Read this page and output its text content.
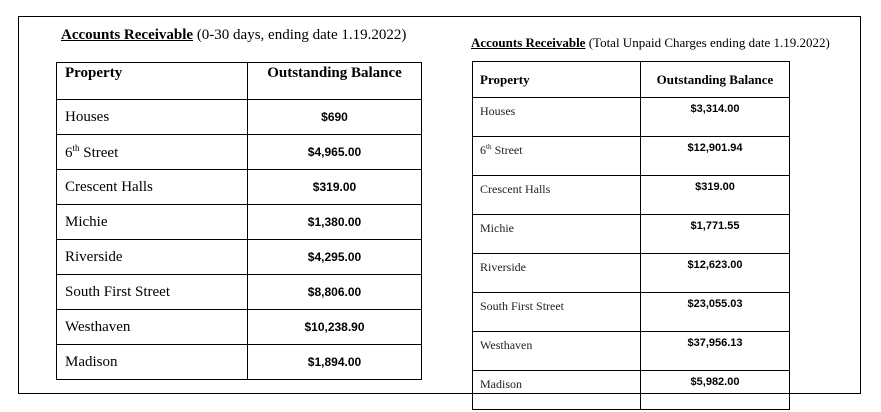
Accounts Receivable (0-30 days, ending date 1.19.2022)
Property	Outstanding Balance
Houses	$690
6th Street	$4,965.00
Crescent Halls	$319.00
Michie	$1,380.00
Riverside	$4,295.00
South First Street	$8,806.00
Westhaven	$10,238.90
Madison	$1,894.00
Accounts Receivable (Total Unpaid Charges ending date 1.19.2022)
Property	Outstanding Balance
Houses	$3,314.00
6th Street	$12,901.94
Crescent Halls	$319.00
Michie	$1,771.55
Riverside	$12,623.00
South First Street	$23,055.03
Westhaven	$37,956.13
Madison	$5,982.00
